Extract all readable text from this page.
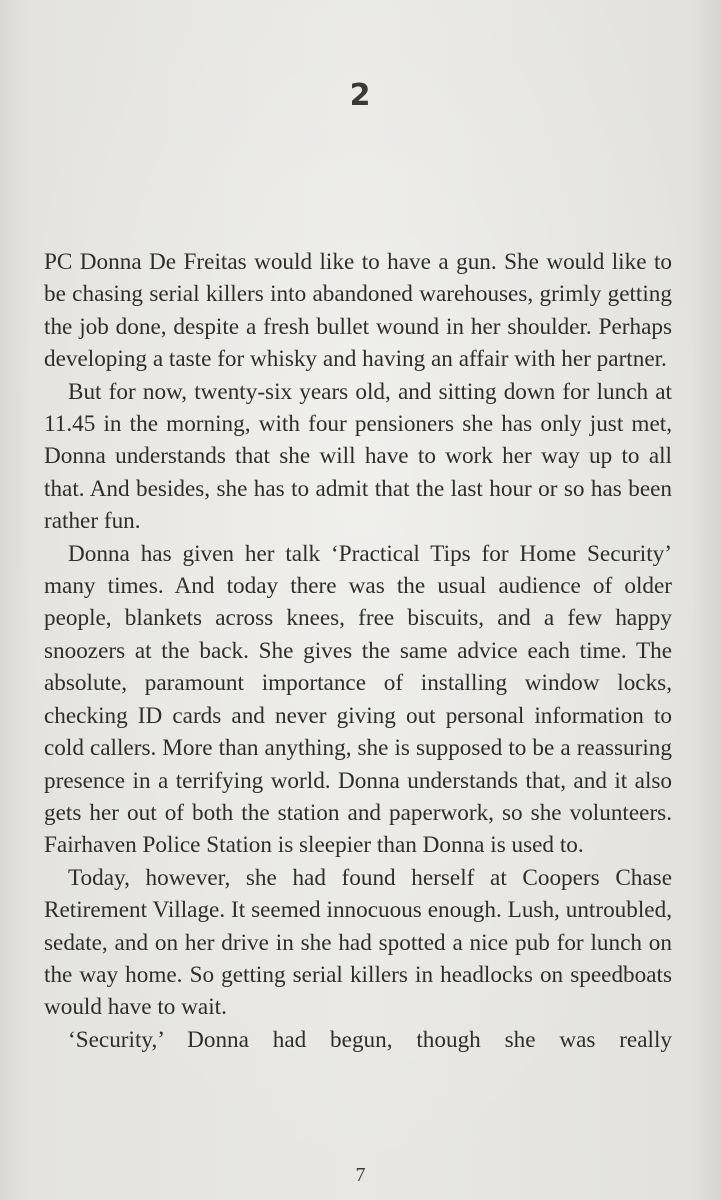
2

PC Donna De Freitas would like to have a gun. She would like to be chasing serial killers into abandoned warehouses, grimly getting the job done, despite a fresh bullet wound in her shoulder. Perhaps developing a taste for whisky and having an affair with her partner.

But for now, twenty-six years old, and sitting down for lunch at 11.45 in the morning, with four pensioners she has only just met, Donna understands that she will have to work her way up to all that. And besides, she has to admit that the last hour or so has been rather fun.

Donna has given her talk ‘Practical Tips for Home Security’ many times. And today there was the usual audience of older people, blankets across knees, free biscuits, and a few happy snoozers at the back. She gives the same advice each time. The absolute, paramount importance of installing window locks, checking ID cards and never giving out personal information to cold callers. More than anything, she is supposed to be a reassuring presence in a terrifying world. Donna understands that, and it also gets her out of both the station and paperwork, so she volunteers. Fairhaven Police Station is sleepier than Donna is used to.

Today, however, she had found herself at Coopers Chase Retirement Village. It seemed innocuous enough. Lush, untroubled, sedate, and on her drive in she had spotted a nice pub for lunch on the way home. So getting serial killers in headlocks on speedboats would have to wait.

‘Security,’ Donna had begun, though she was really

7
